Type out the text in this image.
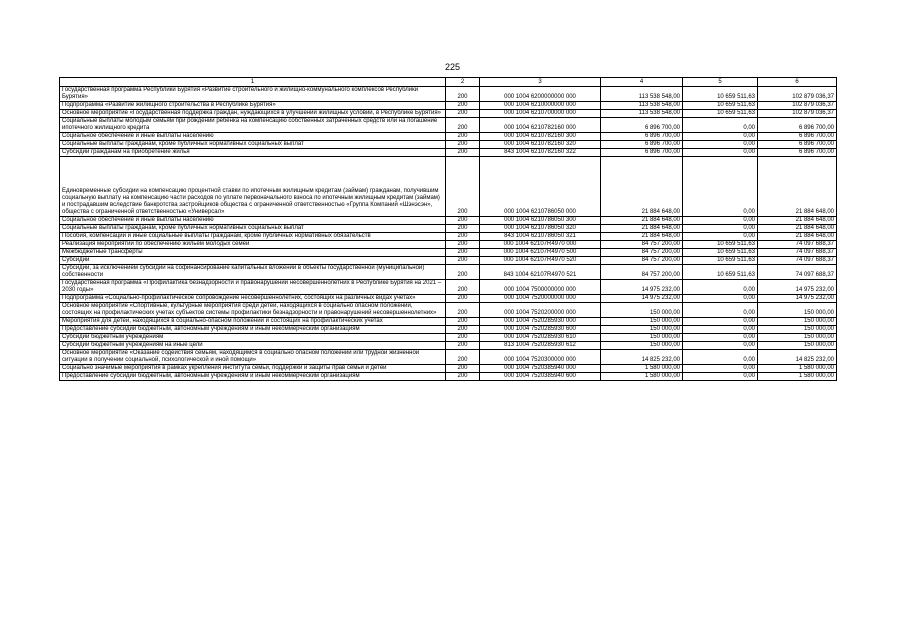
225
1	2	3	4	5	6
Государственная программа Республики Бурятия «Развитие строительного и жилищно-коммунального комплексов Республики Бурятия»	200	000 1004 6200000000 000	113 538 548,00	10 659 511,63	102 879 036,37
Подпрограмма «Развитие жилищного строительства в Республике Бурятия»	200	000 1004 6210000000 000	113 538 548,00	10 659 511,63	102 879 036,37
Основное мероприятие «Государственная поддержка граждан, нуждающихся в улучшении жилищных условий, в Республике Бурятия»	200	000 1004 6210700000 000	113 538 548,00	10 659 511,63	102 879 036,37
Социальные выплаты молодым семьям при рождении ребенка на компенсацию собственных затраченных средств или на погашение ипотечного жилищного кредита	200	000 1004 6210782160 000	6 896 700,00	0,00	6 896 700,00
Социальное обеспечение и иные выплаты населению	200	000 1004 6210782160 300	6 896 700,00	0,00	6 896 700,00
Социальные выплаты гражданам, кроме публичных нормативных социальных выплат	200	000 1004 6210782160 320	6 896 700,00	0,00	6 896 700,00
Субсидии гражданам на приобретение жилья	200	843 1004 6210782160 322	6 896 700,00	0,00	6 896 700,00
Единовременные субсидии на компенсацию процентной ставки по ипотечным жилищным кредитам (займам) гражданам, получившим социальную выплату на компенсацию части расходов по уплате первоначального взноса по ипотечным жилищным кредитам (займам) и пострадавшим вследствие банкротства застройщиков общества с ограниченной ответственностью «Группа Компаний «Шэнэсэн», общества с ограниченной ответственностью «Универсал»	200	000 1004 6210786050 000	21 884 648,00	0,00	21 884 648,00
Социальное обеспечение и иные выплаты населению	200	000 1004 6210786050 300	21 884 648,00	0,00	21 884 648,00
Социальные выплаты гражданам, кроме публичных нормативных социальных выплат	200	000 1004 6210786050 320	21 884 648,00	0,00	21 884 648,00
Пособия, компенсации и иные социальные выплаты гражданам, кроме публичных нормативных обязательств	200	843 1004 6210786050 321	21 884 648,00	0,00	21 884 648,00
Реализация мероприятий по обеспечению жильем молодых семей	200	000 1004 62107R4970 000	84 757 200,00	10 659 511,63	74 097 688,37
Межбюджетные трансферты	200	000 1004 62107R4970 500	84 757 200,00	10 659 511,63	74 097 688,37
Субсидии	200	000 1004 62107R4970 520	84 757 200,00	10 659 511,63	74 097 688,37
Субсидии, за исключением субсидий на софинансирование капитальных вложений в объекты государственной (муниципальной) собственности	200	843 1004 62107R4970 521	84 757 200,00	10 659 511,63	74 097 688,37
Государственная программа «Профилактика безнадзорности и правонарушений несовершеннолетних в Республике Бурятия на 2021 – 2030 годы»	200	000 1004 7500000000 000	14 975 232,00	0,00	14 975 232,00
Подпрограмма «Социально-профилактическое сопровождение несовершеннолетних, состоящих на различных видах учетах»	200	000 1004 7520000000 000	14 975 232,00	0,00	14 975 232,00
Основное мероприятие «Спортивные, культурные мероприятия среди детей, находящихся в социально опасном положении, состоящих на профилактических учетах субъектов системы профилактики безнадзорности и правонарушений несовершеннолетних»	200	000 1004 7520200000 000	150 000,00	0,00	150 000,00
Мероприятия для детей, находящихся в социально-опасном положении и состоящих на профилактических учетах	200	000 1004 7520285930 000	150 000,00	0,00	150 000,00
Предоставление субсидий бюджетным, автономным учреждениям и иным некоммерческим организациям	200	000 1004 7520285930 600	150 000,00	0,00	150 000,00
Субсидии бюджетным учреждениям	200	000 1004 7520285930 610	150 000,00	0,00	150 000,00
Субсидии бюджетным учреждениям на иные цели	200	813 1004 7520285930 612	150 000,00	0,00	150 000,00
Основное мероприятие «Оказание содействия семьям, находящимся в социально опасном положении или трудной жизненной ситуации в получении социальной, психологической и иной помощи»	200	000 1004 7520300000 000	14 825 232,00	0,00	14 825 232,00
Социально значимые мероприятия в рамках укрепления института семьи, поддержки и защиты прав семьи и детей	200	000 1004 7520385940 000	1 580 000,00	0,00	1 580 000,00
Предоставление субсидий бюджетным, автономным учреждениям и иным некоммерческим организациям	200	000 1004 7520385940 600	1 580 000,00	0,00	1 580 000,00
